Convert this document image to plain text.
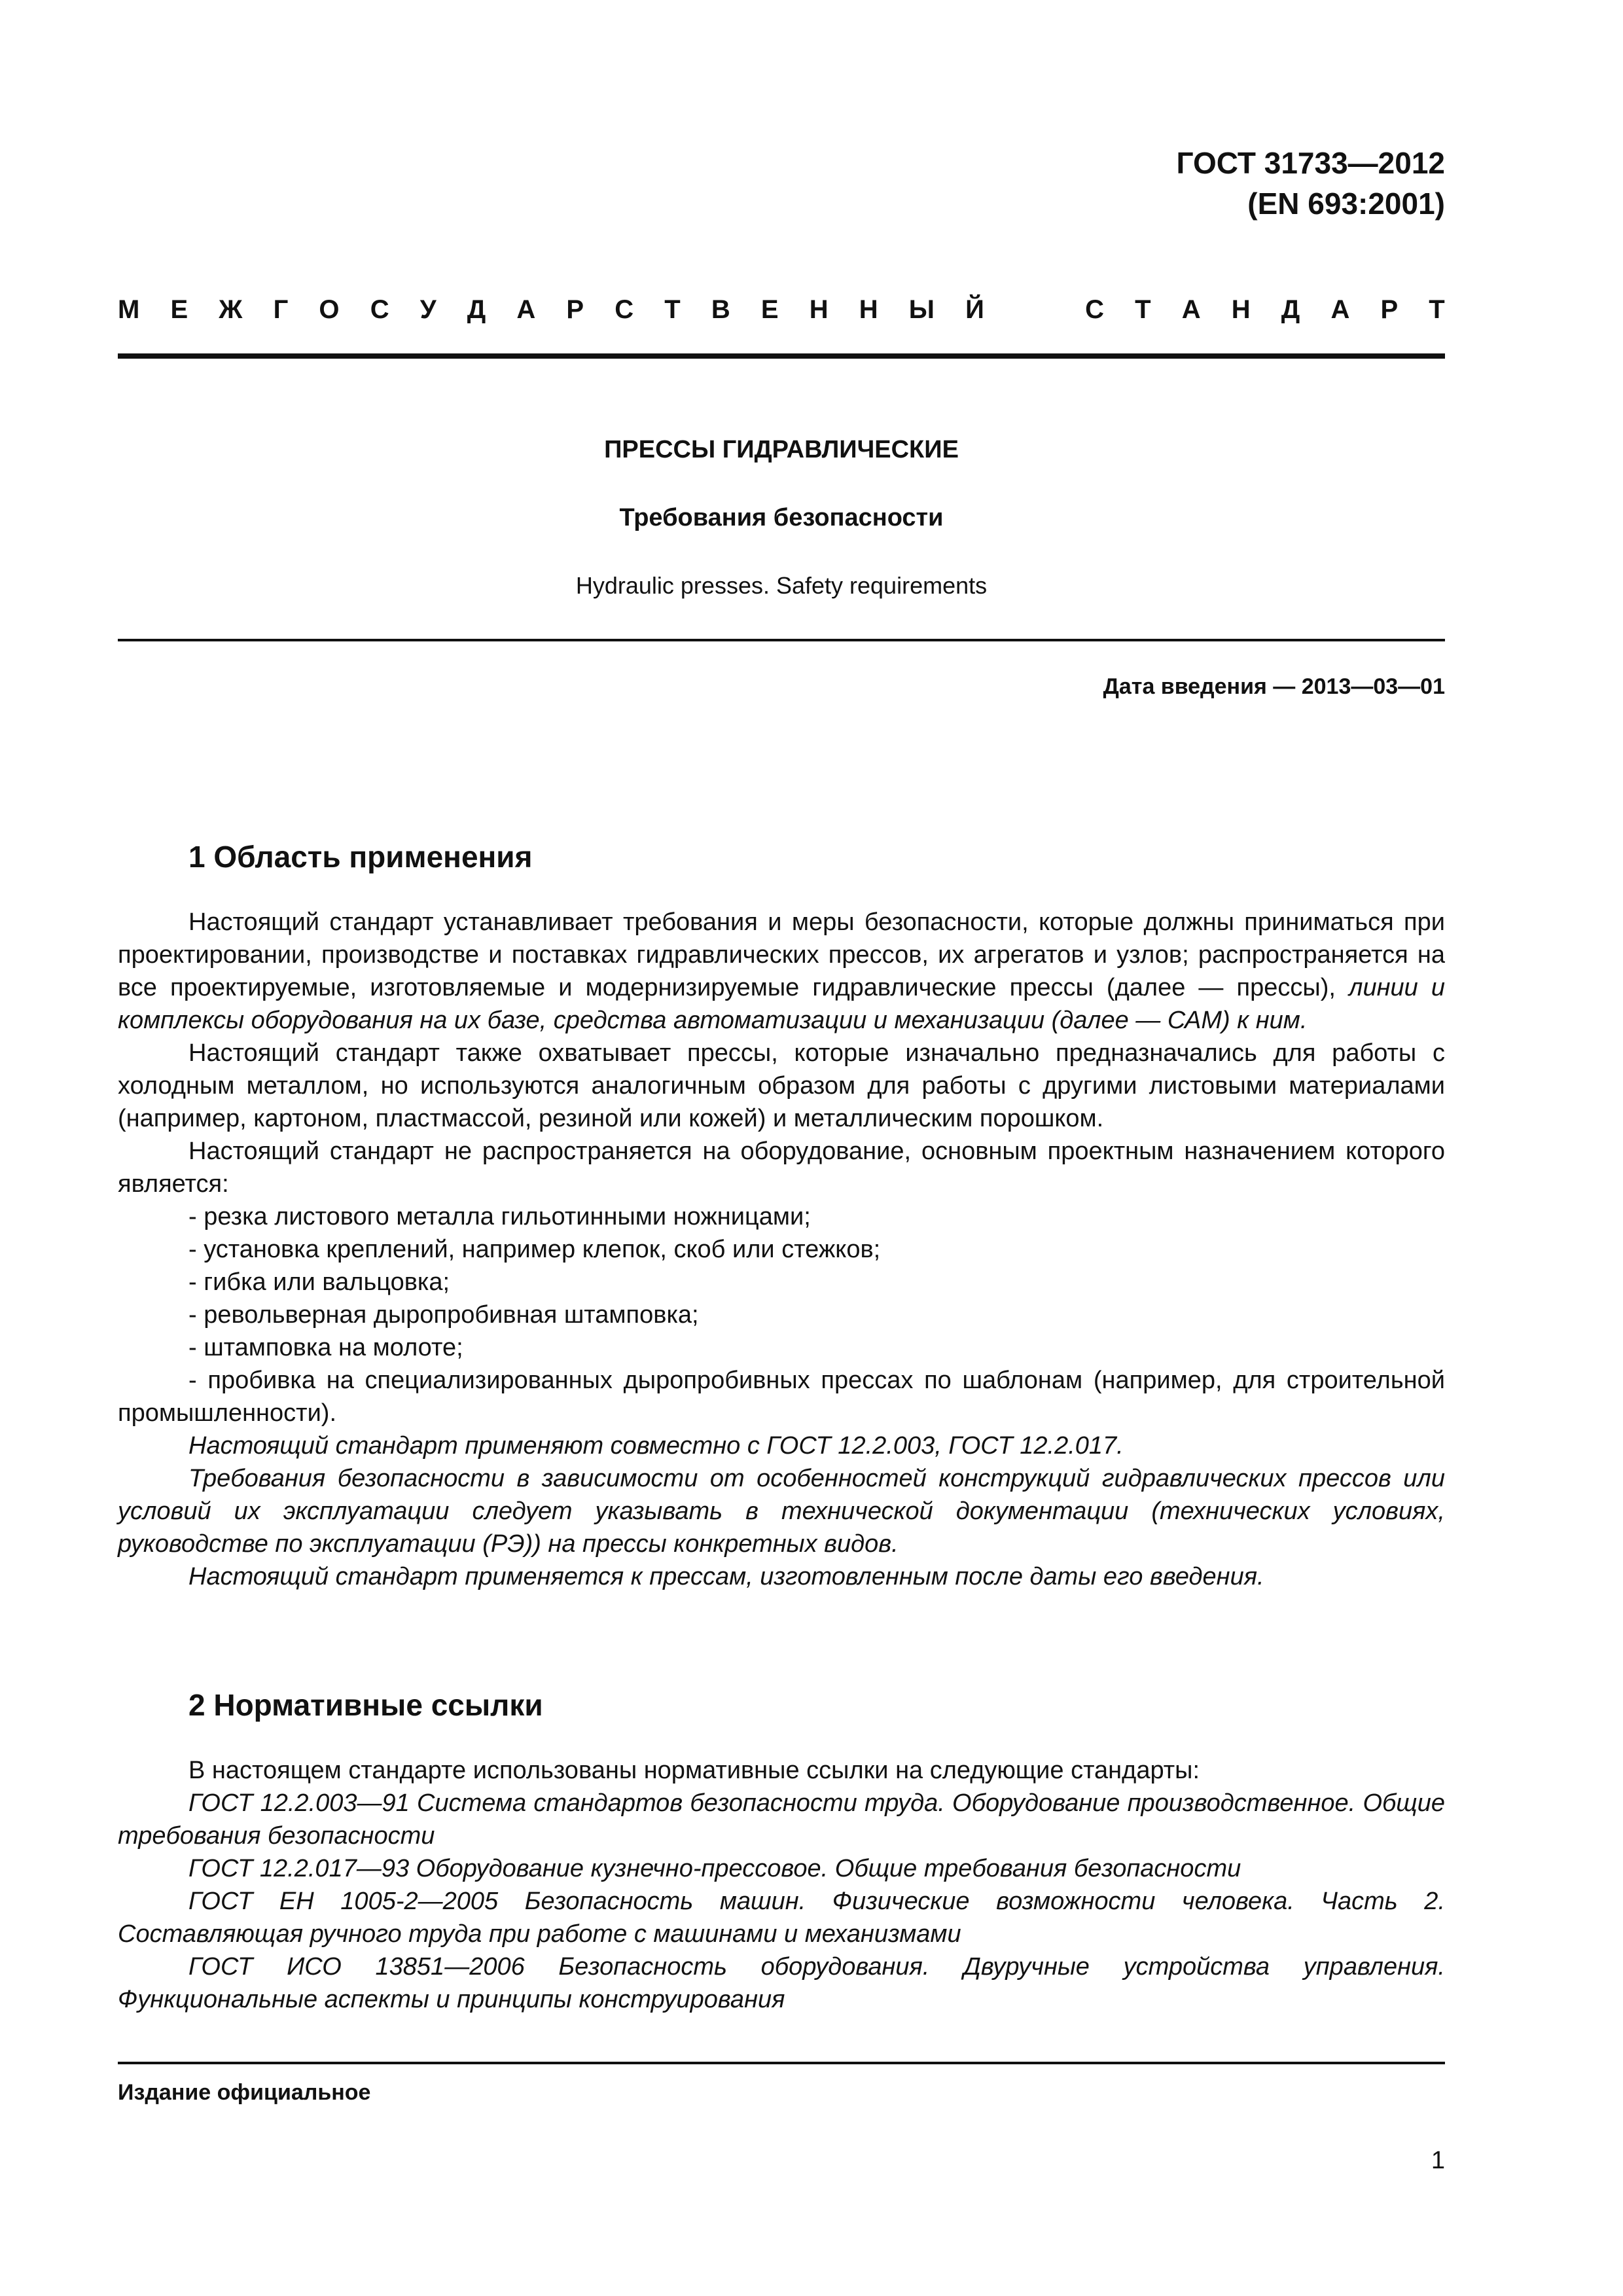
ГОСТ 31733—2012
(EN 693:2001)
М Е Ж Г О С У Д А Р С Т В Е Н Н Ы Й	С Т А Н Д А Р Т
ПРЕССЫ ГИДРАВЛИЧЕСКИЕ
Требования безопасности
Hydraulic presses. Safety requirements
Дата введения — 2013—03—01
1 Область применения

Настоящий стандарт устанавливает требования и меры безопасности, которые должны приниматься при проектировании, производстве и поставках гидравлических прессов, их агрегатов и узлов; распространяется на все проектируемые, изготовляемые и модернизируемые гидравлические прессы (далее — прессы), линии и комплексы оборудования на их базе, средства автоматизации и механизации (далее — САМ) к ним.

Настоящий стандарт также охватывает прессы, которые изначально предназначались для работы с холодным металлом, но используются аналогичным образом для работы с другими листовыми материалами (например, картоном, пластмассой, резиной или кожей) и металлическим порошком.

Настоящий стандарт не распространяется на оборудование, основным проектным назначением которого является:

- резка листового металла гильотинными ножницами;

- установка креплений, например клепок, скоб или стежков;

- гибка или вальцовка;

- револьверная дыропробивная штамповка;

- штамповка на молоте;

- пробивка на специализированных дыропробивных прессах по шаблонам (например, для строительной промышленности).

Настоящий стандарт применяют совместно с ГОСТ 12.2.003, ГОСТ 12.2.017.

Требования безопасности в зависимости от особенностей конструкций гидравлических прессов или условий их эксплуатации следует указывать в технической документации (технических условиях, руководстве по эксплуатации (РЭ)) на прессы конкретных видов.

Настоящий стандарт применяется к прессам, изготовленным после даты его введения.

2 Нормативные ссылки

В настоящем стандарте использованы нормативные ссылки на следующие стандарты:

ГОСТ 12.2.003—91 Система стандартов безопасности труда. Оборудование производственное. Общие требования безопасности

ГОСТ 12.2.017—93 Оборудование кузнечно-прессовое. Общие требования безопасности

ГОСТ ЕН 1005-2—2005 Безопасность машин. Физические возможности человека. Часть 2. Составляющая ручного труда при работе с машинами и механизмами

ГОСТ ИСО 13851—2006 Безопасность оборудования. Двуручные устройства управления. Функциональные аспекты и принципы конструирования

Издание официальное
1
